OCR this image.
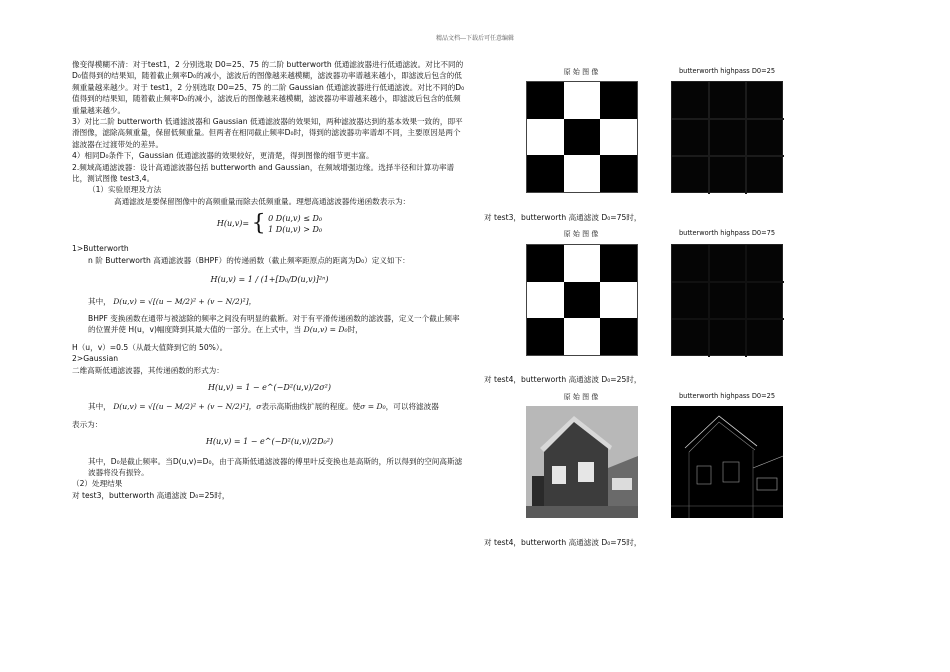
精品文档---下载后可任意编辑

像变得模糊不清：对于test1，2 分别选取 D0=25、75 的二阶 butterworth 低通滤波器进行低通滤波。对比不同的D₀值得到的结果知，随着截止频率D₀的减小，滤波后的图像越来越模糊，滤波器功率谱越来越小，即滤波后包含的低频重量越来越少。对于 test1，2 分别选取 D0=25、75 的二阶 Gaussian 低通滤波器进行低通滤波。对比不同的D₀值得到的结果知，随着截止频率D₀的减小，滤波后的图像越来越模糊，滤波器功率谱越来越小，即滤波后包含的低频重量越来越少。

3）对比二阶 butterworth 低通滤波器和 Gaussian 低通滤波器的效果知，两种滤波器达到的基本效果一致的，即平滑图像，滤除高频重量，保留低频重量。但两者在相同截止频率D₀时，得到的滤波器功率谱却不同，主要原因是两个滤波器在过渡带处的差异。

4）相同D₀条件下，Gaussian 低通滤波器的效果较好，更清楚，得到图像的细节更丰富。

2.频域高通滤波器：设计高通滤波器包括 butterworth and Gaussian，在频域增强边缘。选择半径和计算功率谱比，测试图像 test3,4。

（1）实验原理及方法

高通滤波是要保留图像中的高频重量而除去低频重量。理想高通滤波器传递函数表示为：

H(u,v)= { 0 D(u,v) ≤ D₀
1 D(u,v) > D₀

1>Butterworth

n 阶 Butterworth 高通滤波器（BHPF）的传递函数（截止频率距原点的距离为D₀）定义如下：

H(u,v) = 1 / (1+[D₀/D(u,v)]²ⁿ)

其中， D(u,v) = √[(u − M/2)² + (v − N/2)²]，

BHPF 变换函数在通带与被滤除的频率之间没有明显的截断。对于有平滑传递函数的滤波器，定义一个截止频率的位置并使 H(u，v)幅度降到其最大值的一部分。在上式中，当 D(u,v) = D₀时，

H（u，v）=0.5（从最大值降到它的 50%）。

2>Gaussian

二维高斯低通滤波器，其传递函数的形式为：

H(u,v) = 1 − e^(−D²(u,v)/2σ²)

其中， D(u,v) = √[(u − M/2)² + (v − N/2)²]，σ表示高斯曲线扩展的程度。使σ = D₀，可以将滤波器

表示为：

H(u,v) = 1 − e^(−D²(u,v)/2D₀²)

其中，D₀是截止频率。当D(u,v)=D₀，由于高斯低通滤波器的傅里叶反变换也是高斯的，所以得到的空间高斯滤波器将没有振铃。

（2）处理结果

对 test3，butterworth 高通滤波 D₀=25时，

原 始 图 像	butterworth highpass D0=25
对 test3，butterworth 高通滤波 D₀=75时，
原 始 图 像	butterworth highpass D0=75
对 test4，butterworth 高通滤波 D₀=25时，
原 始 图 像	butterworth highpass D0=25
对 test4，butterworth 高通滤波 D₀=75时，
